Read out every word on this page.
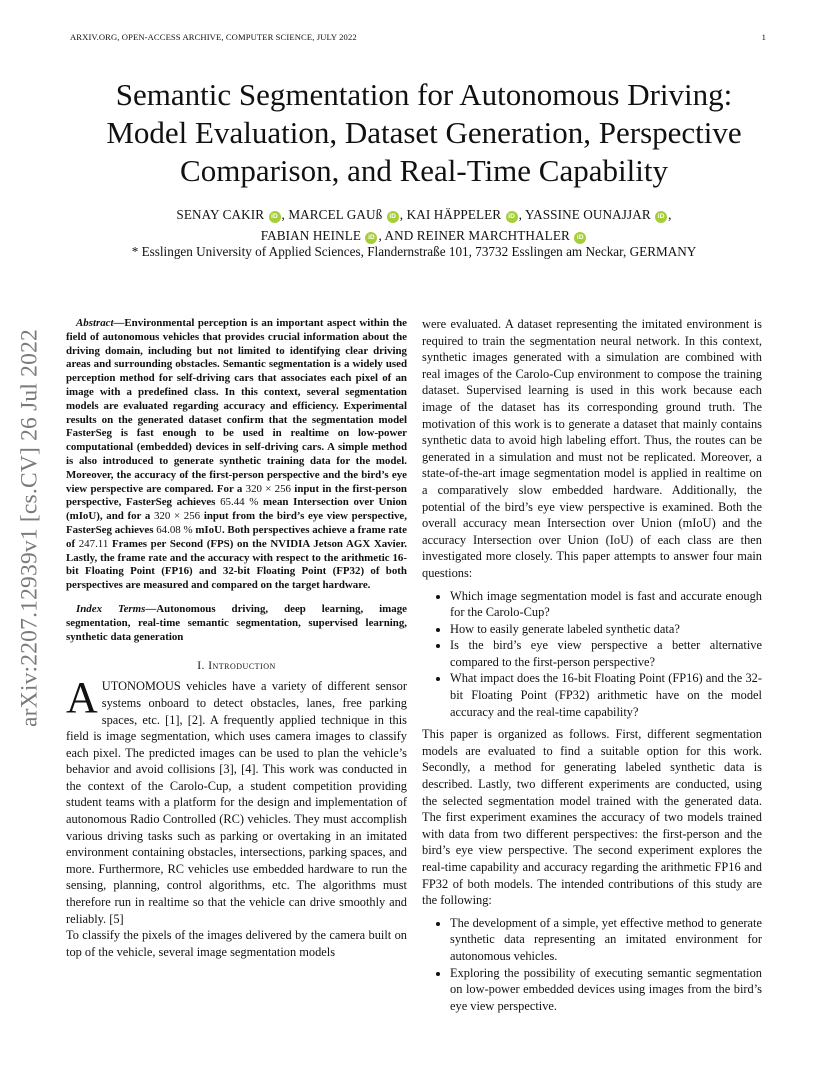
ARXIV.ORG, OPEN-ACCESS ARCHIVE, COMPUTER SCIENCE, JULY 2022	1
Semantic Segmentation for Autonomous Driving:
Model Evaluation, Dataset Generation, Perspective
Comparison, and Real-Time Capability
SENAY CAKIR iD , MARCEL GAUß iD , KAI HÄPPELER iD , YASSINE OUNAJJAR iD ,
FABIAN HEINLE iD , AND REINER MARCHTHALER iD
* Esslingen University of Applied Sciences, Flandernstraße 101, 73732 Esslingen am Neckar, GERMANY
arXiv:2207.12939v1 [cs.CV] 26 Jul 2022

Abstract—Environmental perception is an important aspect within the field of autonomous vehicles that provides crucial information about the driving domain, including but not limited to identifying clear driving areas and surrounding obstacles. Semantic segmentation is a widely used perception method for self-driving cars that associates each pixel of an image with a predefined class. In this context, several segmentation models are evaluated regarding accuracy and efficiency. Experimental results on the generated dataset confirm that the segmentation model FasterSeg is fast enough to be used in realtime on low-power computational (embedded) devices in self-driving cars. A simple method is also introduced to generate synthetic training data for the model. Moreover, the accuracy of the first-person perspective and the bird’s eye view perspective are compared. For a 320 × 256 input in the first-person perspective, FasterSeg achieves 65.44 % mean Intersection over Union (mIoU), and for a 320 × 256 input from the bird’s eye view perspective, FasterSeg achieves 64.08 % mIoU. Both perspectives achieve a frame rate of 247.11 Frames per Second (FPS) on the NVIDIA Jetson AGX Xavier. Lastly, the frame rate and the accuracy with respect to the arithmetic 16-bit Floating Point (FP16) and 32-bit Floating Point (FP32) of both perspectives are measured and compared on the target hardware.

Index Terms—Autonomous driving, deep learning, image segmentation, real-time semantic segmentation, supervised learning, synthetic data generation

I. Introduction

AUTONOMOUS vehicles have a variety of different sensor systems onboard to detect obstacles, lanes, free parking spaces, etc. [1], [2]. A frequently applied technique in this field is image segmentation, which uses camera images to classify each pixel. The predicted images can be used to plan the vehicle’s behavior and avoid collisions [3], [4]. This work was conducted in the context of the Carolo-Cup, a student competition providing student teams with a platform for the design and implementation of autonomous Radio Controlled (RC) vehicles. They must accomplish various driving tasks such as parking or overtaking in an imitated environment containing obstacles, intersections, parking spaces, and more. Furthermore, RC vehicles use embedded hardware to run the sensing, planning, control algorithms, etc. The algorithms must therefore run in realtime so that the vehicle can drive smoothly and reliably. [5]

To classify the pixels of the images delivered by the camera built on top of the vehicle, several image segmentation models

were evaluated. A dataset representing the imitated environment is required to train the segmentation neural network. In this context, synthetic images generated with a simulation are combined with real images of the Carolo-Cup environment to compose the training dataset. Supervised learning is used in this work because each image of the dataset has its corresponding ground truth. The motivation of this work is to generate a dataset that mainly contains synthetic data to avoid high labeling effort. Thus, the routes can be generated in a simulation and must not be replicated. Moreover, a state-of-the-art image segmentation model is applied in realtime on a comparatively slow embedded hardware. Additionally, the potential of the bird’s eye view perspective is examined. Both the overall accuracy mean Intersection over Union (mIoU) and the accuracy Intersection over Union (IoU) of each class are then investigated more closely. This paper attempts to answer four main questions:

• Which image segmentation model is fast and accurate enough for the Carolo-Cup?
• How to easily generate labeled synthetic data?
• Is the bird’s eye view perspective a better alternative compared to the first-person perspective?
• What impact does the 16-bit Floating Point (FP16) and the 32-bit Floating Point (FP32) arithmetic have on the model accuracy and the real-time capability?

This paper is organized as follows. First, different segmentation models are evaluated to find a suitable option for this work. Secondly, a method for generating labeled synthetic data is described. Lastly, two different experiments are conducted, using the selected segmentation model trained with the generated data. The first experiment examines the accuracy of two models trained with data from two different perspectives: the first-person and the bird’s eye view perspective. The second experiment explores the real-time capability and accuracy regarding the arithmetic FP16 and FP32 of both models. The intended contributions of this study are the following:

• The development of a simple, yet effective method to generate synthetic data representing an imitated environment for autonomous vehicles.
• Exploring the possibility of executing semantic segmentation on low-power embedded devices using images from the bird’s eye view perspective.
